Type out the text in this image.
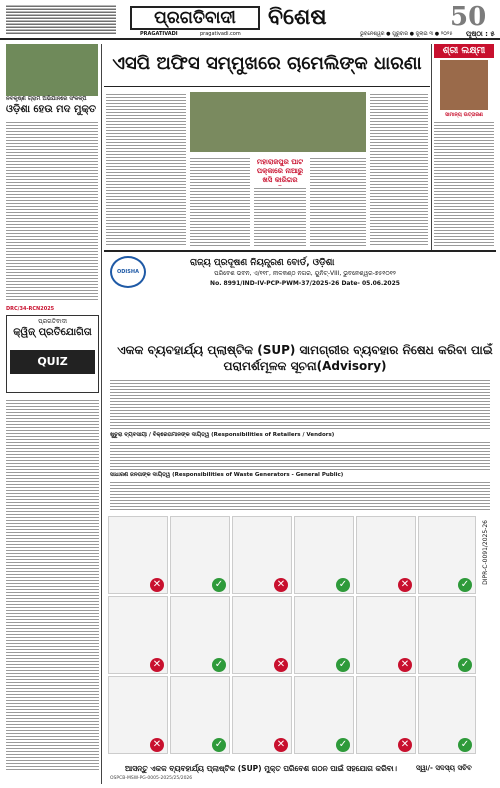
ପ୍ରଗତିବାଦୀ
PRAGATIVADI	pragativadi.com
ବିଶେଷ	50
ଭୁବନେଶ୍ୱର ● ଗୁରୁବାର ● ଜୁଲାଇ ୩ ● ୨୦୨୫ ପୃଷ୍ଠା : ୫
ନବକୃଷ୍ଣ ଗ୍ରାମ ଅଭିଯାନରେ ସଂକଳ୍ପ
ଓଡ଼ିଶା ହେଉ ମଦ ମୁକ୍ତ
DRC/34-RCN2025
ପ୍ରଗତିବାଦୀ
କ୍ୱିଜ୍ ପ୍ରତିଯୋଗିତା
QUIZ COMPETITION
ଏସପି ଅଫିସ ସମ୍ମୁଖରେ ଚାମେଲିଙ୍କ ଧାରଣା
ମହାରାଜପୁର ଘାଟ ପକ୍କାରେ ନାଆରୁ ଖସି କାରିଗର
ଶ୍ରୀ ଲକ୍ଷ୍ମୀ
ସାମାନ୍ୟ ଉତ୍ତାରଣ
ODISHA
ରାଜ୍ୟ ପ୍ରଦୂଷଣ ନିୟନ୍ତ୍ରଣ ବୋର୍ଡ, ଓଡ଼ିଶା
ପରିବେଶ ଭବନ, ଏ/୧୧୮, ନୀଳକଣ୍ଠ ନଗର, ୟୁନିଟ୍-VIII, ଭୁବନେଶ୍ୱର-୭୫୧୦୧୨
No. 8991/IND-IV-PCP-PWM-37/2025-26 Date- 05.06.2025
ଏକକ ବ୍ୟବହାର୍ଯ୍ୟ ପ୍ଲାଷ୍ଟିକ (SUP) ସାମଗ୍ରୀର ବ୍ୟବହାର ନିଷେଧ କରିବା ପାଇଁ ପରାମର୍ଶମୂଳକ ସୂଚନା(Advisory)
ଖୁଚୁରା ବ୍ୟବସାୟୀ / ବିକ୍ରେତାମାନଙ୍କ ଦାୟିତ୍ୱ (Responsibilities of Retailers / Vendors)
ସାଧାରଣ ଜନତାଙ୍କ ଦାୟିତ୍ୱ (Responsibilities of Waste Generators - General Public)
✕	✓	✕	✓	✕	✓
✕	✓	✕	✓	✕	✓
✕	✓	✕	✓	✕	✓
DIPR-C-0091/2025-26
OSPCB-MSW-PG-0005-2025/25/2026
ଆସନ୍ତୁ ଏକକ ବ୍ୟବହାର୍ଯ୍ୟ ପ୍ଲାଷ୍ଟିକ (SUP) ମୁକ୍ତ ପରିବେଶ ଗଠନ ପାଇଁ ସହଯୋଗ କରିବା।	ସ୍ୱା/- ସଦସ୍ୟ ସଚିବ
